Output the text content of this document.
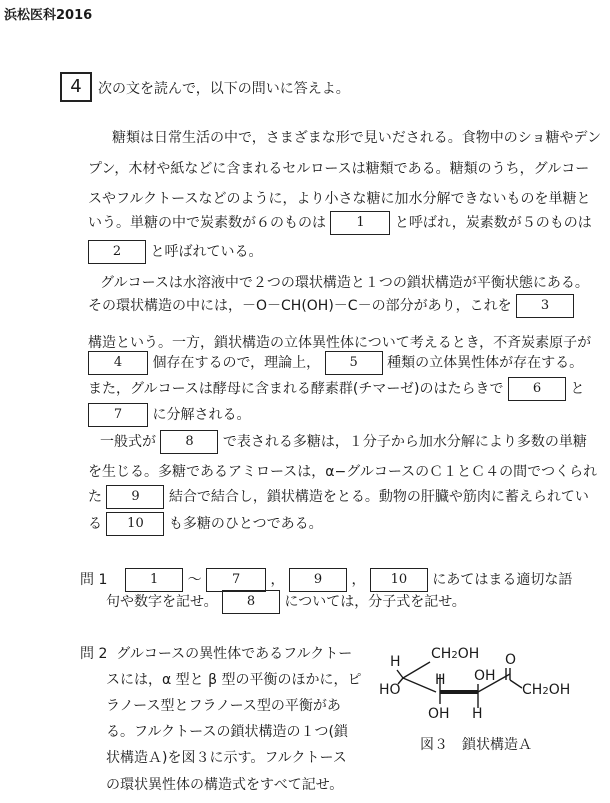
浜松医科2016
4	次の文を読んで，以下の問いに答えよ。
糖類は日常生活の中で，さまざまな形で見いだされる。食物中のショ糖やデン
プン，木材や紙などに含まれるセルロースは糖類である。糖類のうち，グルコー
スやフルクトースなどのように，より小さな糖に加水分解できないものを単糖と
いう。単糖の中で炭素数が６のものは 1 と呼ばれ，炭素数が５のものは
2 と呼ばれている。
グルコースは水溶液中で２つの環状構造と１つの鎖状構造が平衡状態にある。
その環状構造の中には，－O－CH(OH)－C－の部分があり，これを 3
構造という。一方，鎖状構造の立体異性体について考えるとき，不斉炭素原子が
4 個存在するので，理論上， 5 種類の立体異性体が存在する。
また，グルコースは酵母に含まれる酵素群(チマーゼ)のはたらきで 6 と
7 に分解される。
一般式が 8 で表される多糖は，１分子から加水分解により多数の単糖
を生じる。多糖であるアミロースは，α−グルコースのＣ１とＣ４の間でつくられ
た 9 結合で結合し，鎖状構造をとる。動物の肝臓や筋肉に蓄えられてい
る 10 も多糖のひとつである。
問 1	1 ～ 7 ， 9 ， 10 にあてはまる適切な語
句や数字を記せ。 8 については，分子式を記せ。
問 2 グルコースの異性体であるフルクトー
スには，α 型と β 型の平衡のほかに，ピ
ラノース型とフラノース型の平衡があ
る。フルクトースの鎖状構造の１つ(鎖
状構造Ａ)を図３に示す。フルクトース
の環状異性体の構造式をすべて記せ。
H
HO
CH2OH
H
OH
OH
H
O
CH2OH
図３　鎖状構造Ａ
